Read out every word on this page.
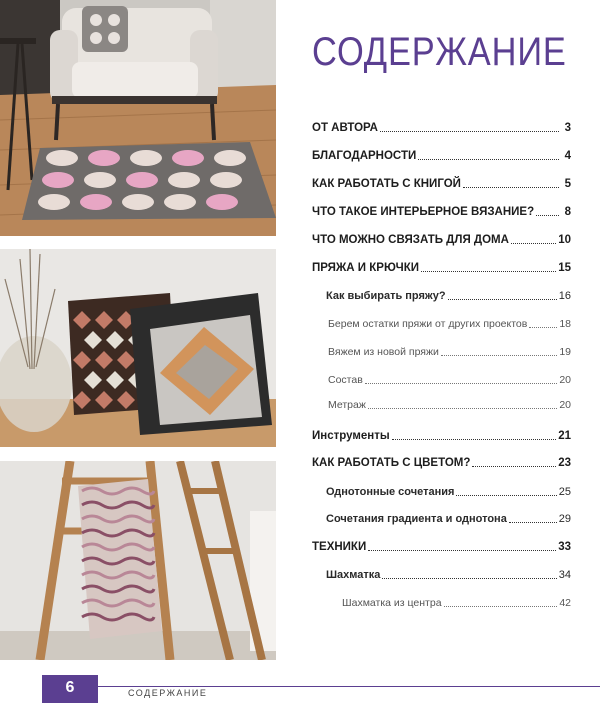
СОДЕРЖАНИЕ
ОТ АВТОРА	3
БЛАГОДАРНОСТИ	4
КАК РАБОТАТЬ С КНИГОЙ	5
ЧТО ТАКОЕ ИНТЕРЬЕРНОЕ ВЯЗАНИЕ?	8
ЧТО МОЖНО СВЯЗАТЬ ДЛЯ ДОМА	10
ПРЯЖА И КРЮЧКИ	15
Как выбирать пряжу?	16
Берем остатки пряжи от других проектов	18
Вяжем из новой пряжи	19
Состав	20
Метраж	20
Инструменты	21
КАК РАБОТАТЬ С ЦВЕТОМ?	23
Однотонные сочетания	25
Сочетания градиента и однотона	29
ТЕХНИКИ	33
Шахматка	34
Шахматка из центра	42
6	СОДЕРЖАНИЕ
